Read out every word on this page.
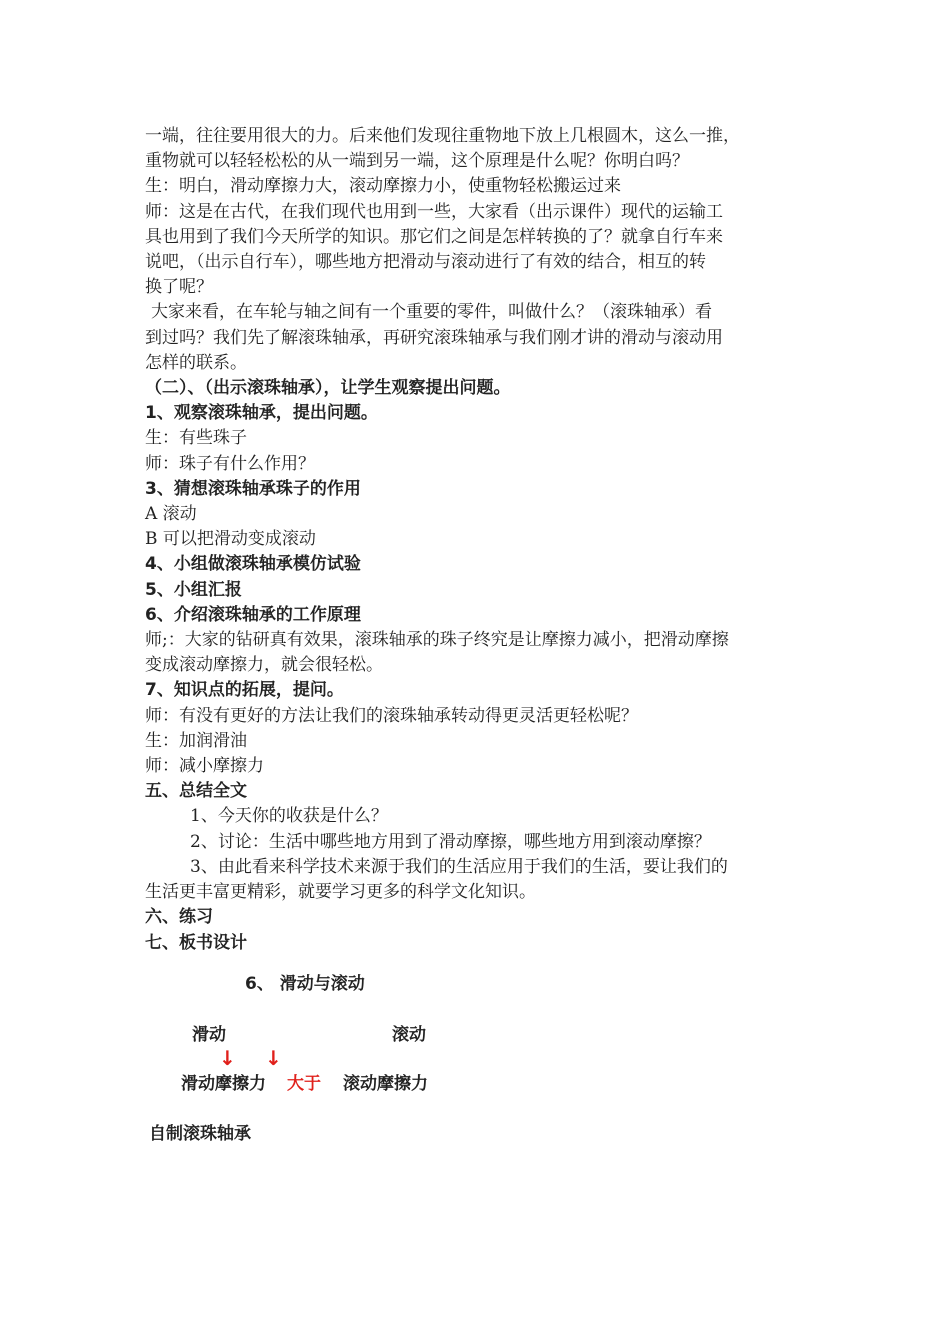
一端，往往要用很大的力。后来他们发现往重物地下放上几根圆木，这么一推，
重物就可以轻轻松松的从一端到另一端，这个原理是什么呢？你明白吗？
生：明白，滑动摩擦力大，滚动摩擦力小，使重物轻松搬运过来
师：这是在古代，在我们现代也用到一些，大家看（出示课件）现代的运输工
具也用到了我们今天所学的知识。那它们之间是怎样转换的了？就拿自行车来
说吧，（出示自行车），哪些地方把滑动与滚动进行了有效的结合，相互的转
换了呢？
大家来看，在车轮与轴之间有一个重要的零件，叫做什么？（滚珠轴承）看
到过吗？我们先了解滚珠轴承，再研究滚珠轴承与我们刚才讲的滑动与滚动用
怎样的联系。
（二）、（出示滚珠轴承），让学生观察提出问题。
1、观察滚珠轴承，提出问题。
生：有些珠子
师：珠子有什么作用？
3、猜想滚珠轴承珠子的作用
A 滚动
B 可以把滑动变成滚动
4、小组做滚珠轴承模仿试验
5、小组汇报
6、介绍滚珠轴承的工作原理
师;：大家的钻研真有效果，滚珠轴承的珠子终究是让摩擦力减小，把滑动摩擦
变成滚动摩擦力，就会很轻松。
7、知识点的拓展，提问。
师：有没有更好的方法让我们的滚珠轴承转动得更灵活更轻松呢？
生：加润滑油
师：减小摩擦力
五、总结全文
1、今天你的收获是什么？
2、讨论：生活中哪些地方用到了滑动摩擦，哪些地方用到滚动摩擦？
3、由此看来科学技术来源于我们的生活应用于我们的生活，要让我们的
生活更丰富更精彩，就要学习更多的科学文化知识。
六、练习
七、板书设计
6、 滑动与滚动
滑动	滚动
↓ ↓
滑动摩擦力 大于 滚动摩擦力
自制滚珠轴承
